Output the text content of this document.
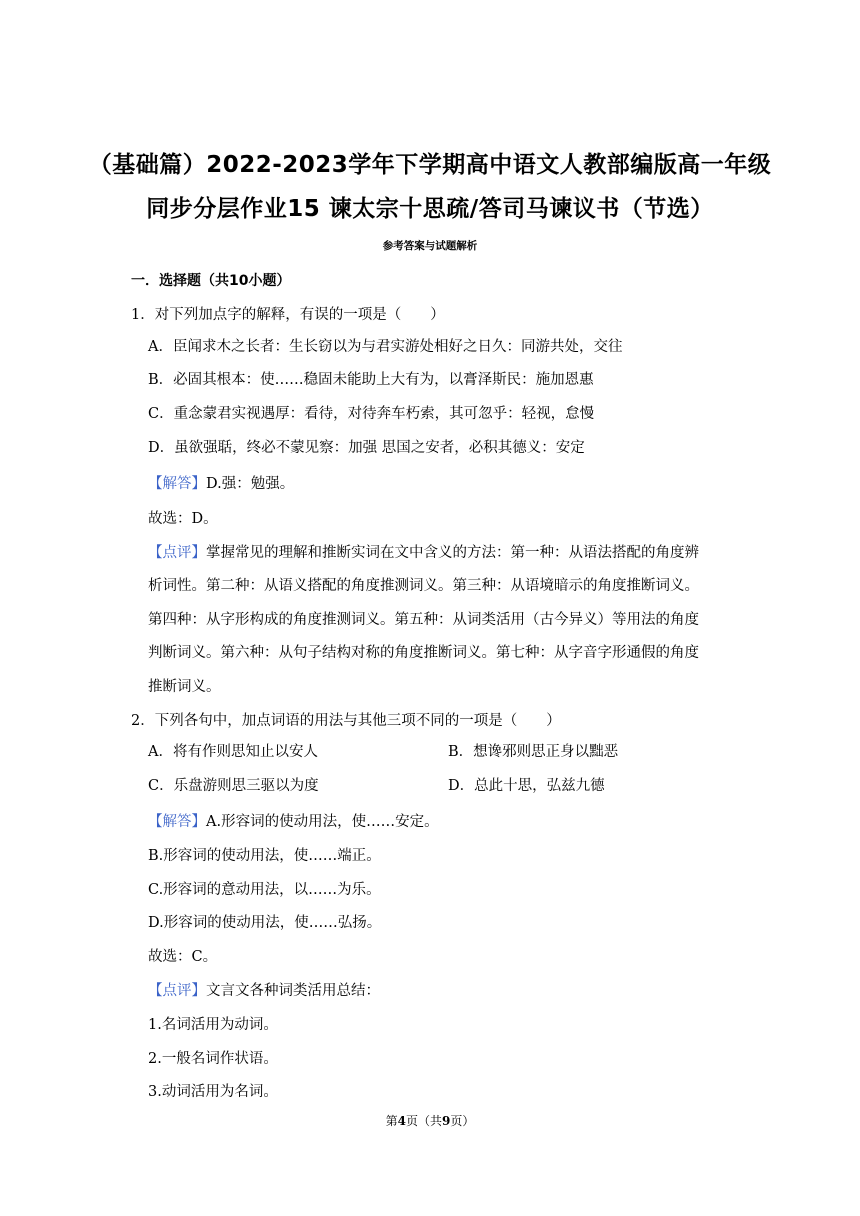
（基础篇）2022-2023学年下学期高中语文人教部编版高一年级
同步分层作业15 谏太宗十思疏/答司马谏议书（节选）
参考答案与试题解析
一．选择题（共10小题）
1．对下列加点字的解释，有误的一项是（　　）
A．臣闻求木之长者：生长窃以为与君实游处相好之日久：同游共处，交往
B．必固其根本：使……稳固未能助上大有为，以膏泽斯民：施加恩惠
C．重念蒙君实视遇厚：看待，对待奔车朽索，其可忽乎：轻视，怠慢
D．虽欲强聒，终必不蒙见察：加强 思国之安者，必积其德义：安定
【解答】D.强：勉强。
故选：D。
【点评】掌握常见的理解和推断实词在文中含义的方法：第一种：从语法搭配的角度辨
析词性。第二种：从语义搭配的角度推测词义。第三种：从语境暗示的角度推断词义。
第四种：从字形构成的角度推测词义。第五种：从词类活用（古今异义）等用法的角度
判断词义。第六种：从句子结构对称的角度推断词义。第七种：从字音字形通假的角度
推断词义。
2．下列各句中，加点词语的用法与其他三项不同的一项是（　　）
A．将有作则思知止以安人	B．想谗邪则思正身以黜恶
C．乐盘游则思三驱以为度	D．总此十思，弘兹九德
【解答】A.形容词的使动用法，使……安定。
B.形容词的使动用法，使……端正。
C.形容词的意动用法，以……为乐。
D.形容词的使动用法，使……弘扬。
故选：C。
【点评】文言文各种词类活用总结：
1.名词活用为动词。
2.一般名词作状语。
3.动词活用为名词。
第4页（共9页）
